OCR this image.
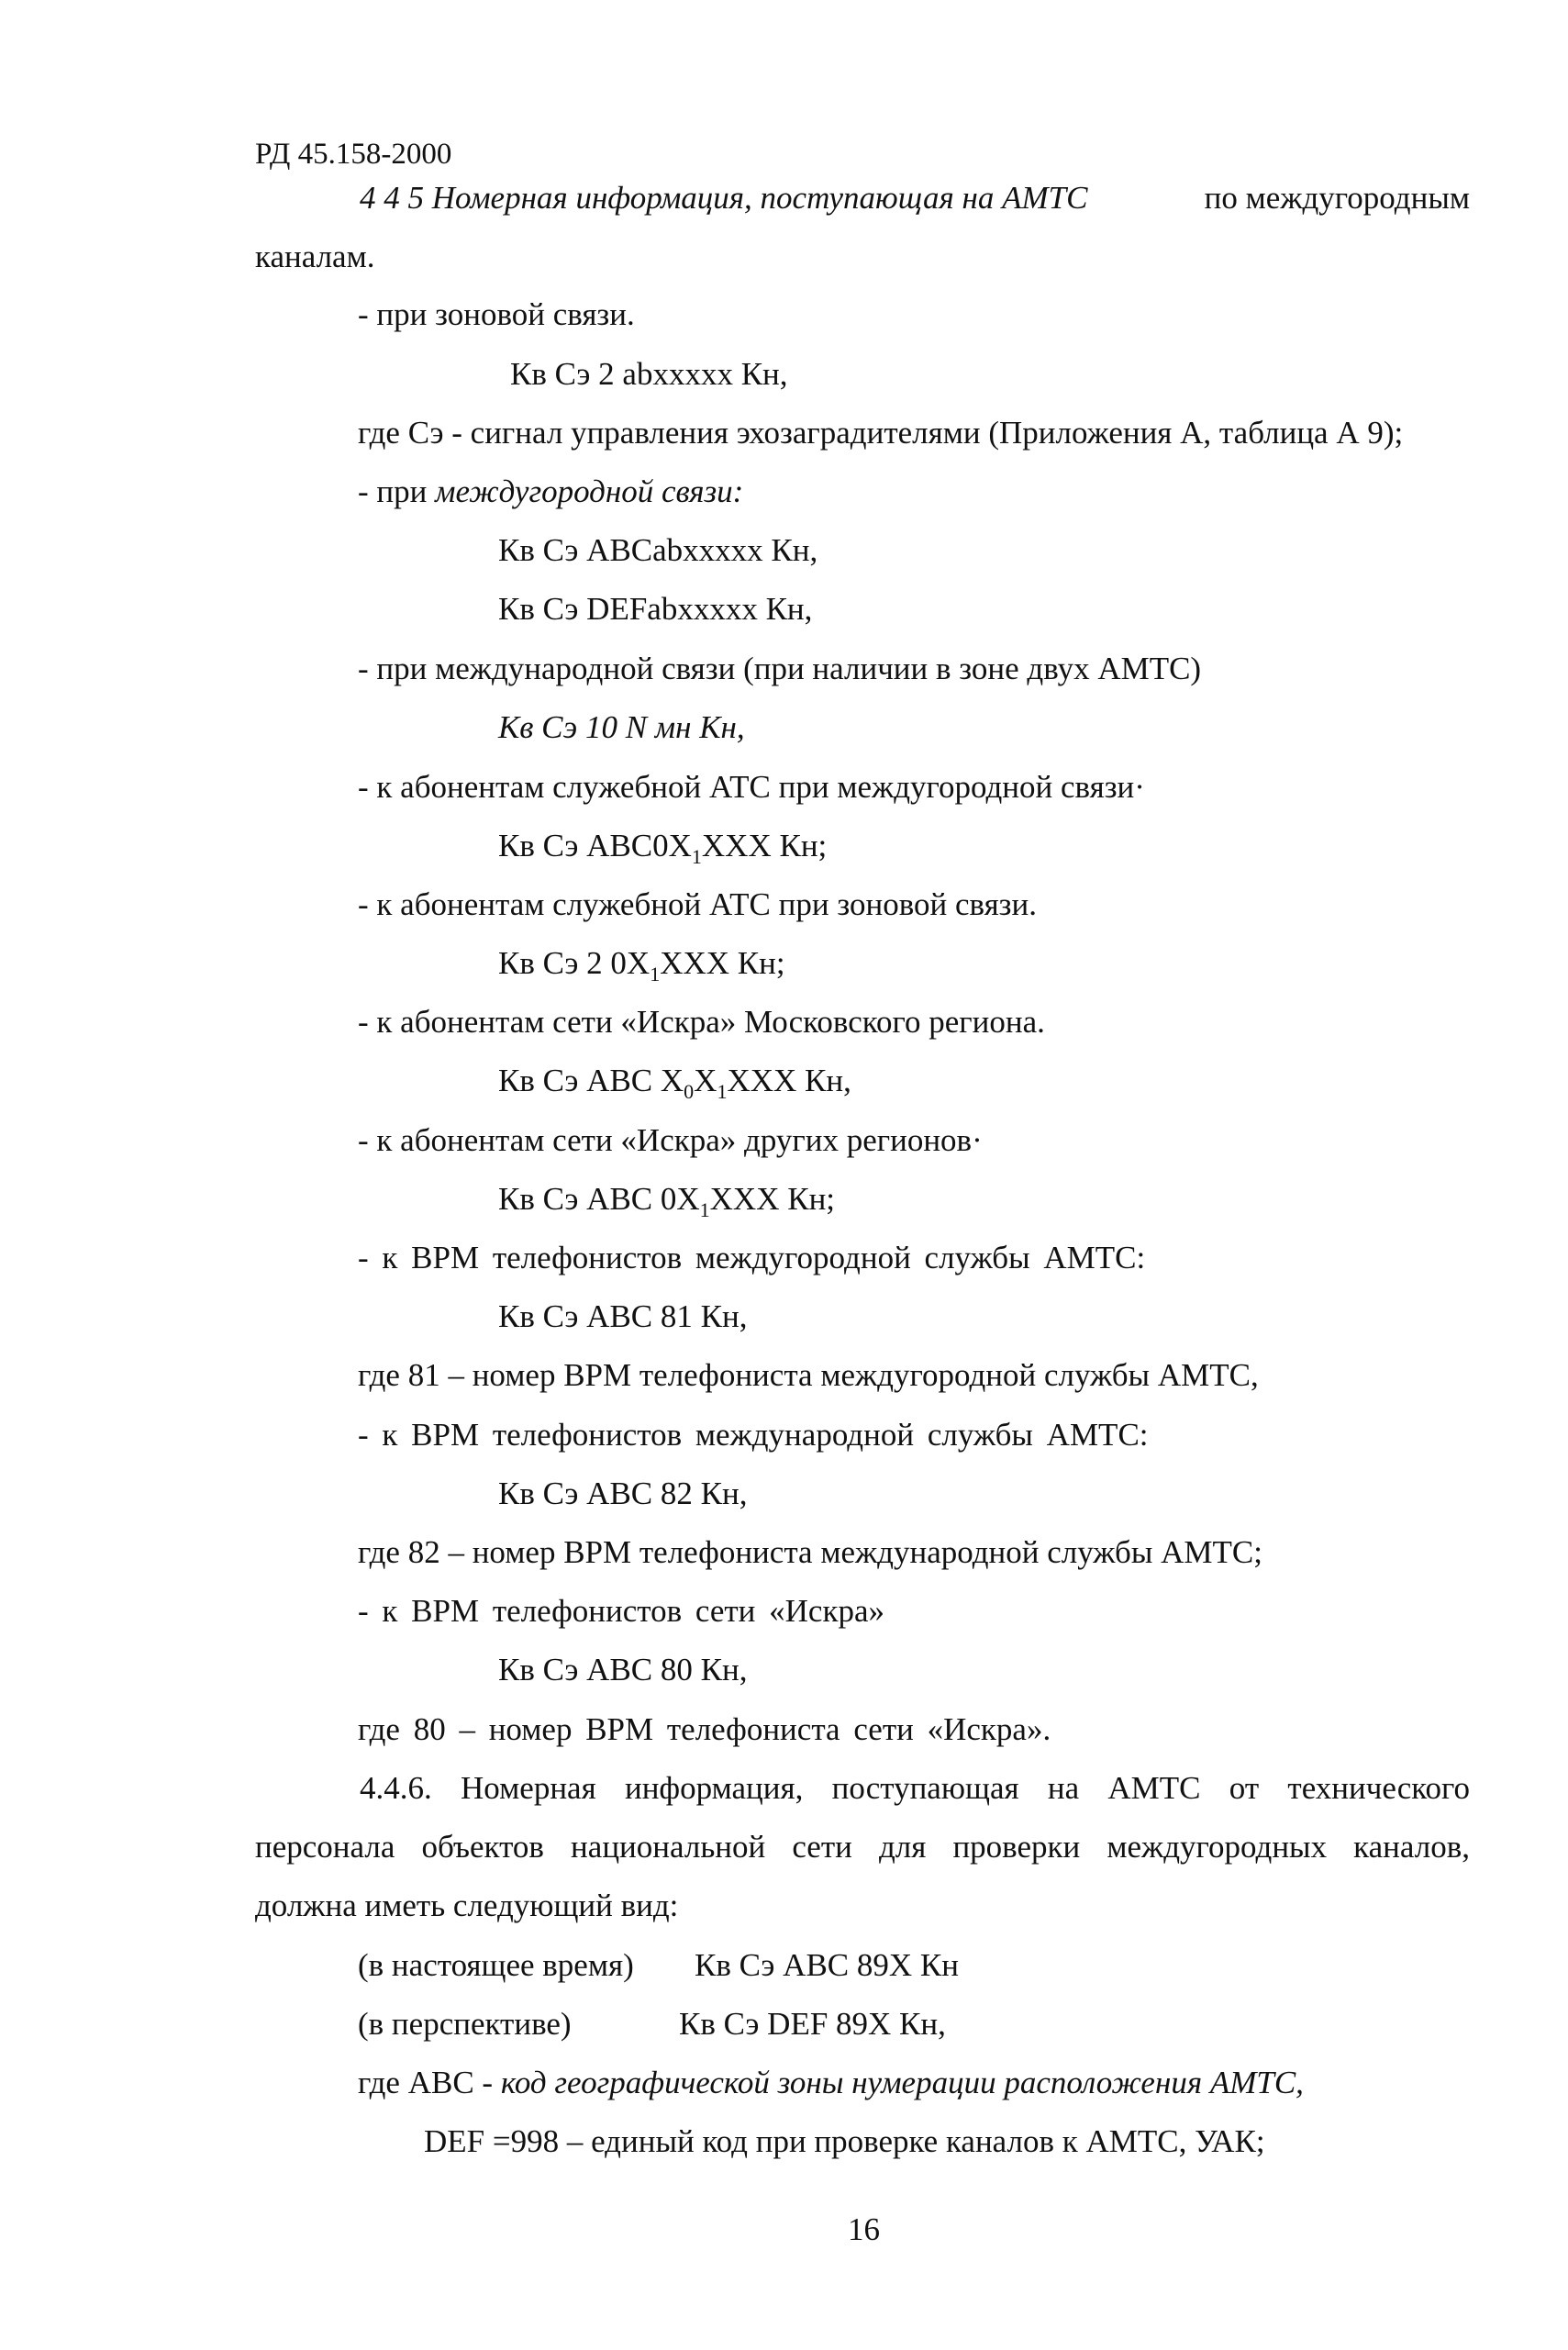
РД 45.158-2000
4 4 5 Номерная информация, поступающая на АМТС	по междугородным
каналам.
- при зоновой связи.
Кв Сэ 2 abxxxxx Кн,
где Сэ - сигнал управления эхозаградителями (Приложения А, таблица А 9);
- при междугородной связи:
Кв Сэ ABCabxxxxx Кн,
Кв Сэ DEFabxxxxx Кн,
- при международной связи (при наличии в зоне двух АМТС)
Кв Сэ 10 N мн Кн,
- к абонентам служебной АТС при междугородной связи·
Кв Сэ $ABC0X_1XXX$ Кн;
- к абонентам служебной АТС при зоновой связи.
Кв Сэ 2 $0X_1XXX$ Кн;
- к абонентам сети «Искра» Московского региона.
Кв Сэ ABC $X_0X_1XXX$ Кн,
- к абонентам сети «Искра» других регионов·
Кв Сэ ABC $0X_1XXX$ Кн;
- к ВРМ телефонистов междугородной службы АМТС:
Кв Сэ ABC 81 Кн,
где 81 – номер ВРМ телефониста междугородной службы АМТС,
- к ВРМ телефонистов международной службы АМТС:
Кв Сэ ABC 82 Кн,
где 82 – номер ВРМ телефониста международной службы АМТС;
- к ВРМ телефонистов сети «Искра»
Кв Сэ ABC 80 Кн,
где 80 – номер ВРМ телефониста сети «Искра».
4.4.6. Номерная информация, поступающая на АМТС от технического
персонала объектов национальной сети для проверки междугородных каналов,
должна иметь следующий вид:
(в настоящее время) Кв Сэ ABC 89X Кн
(в перспективе)	Кв Сэ DEF 89X Кн,
где ABC - код географической зоны нумерации расположения АМТС,
DEF =998 – единый код при проверке каналов к АМТС, УАК;
16
